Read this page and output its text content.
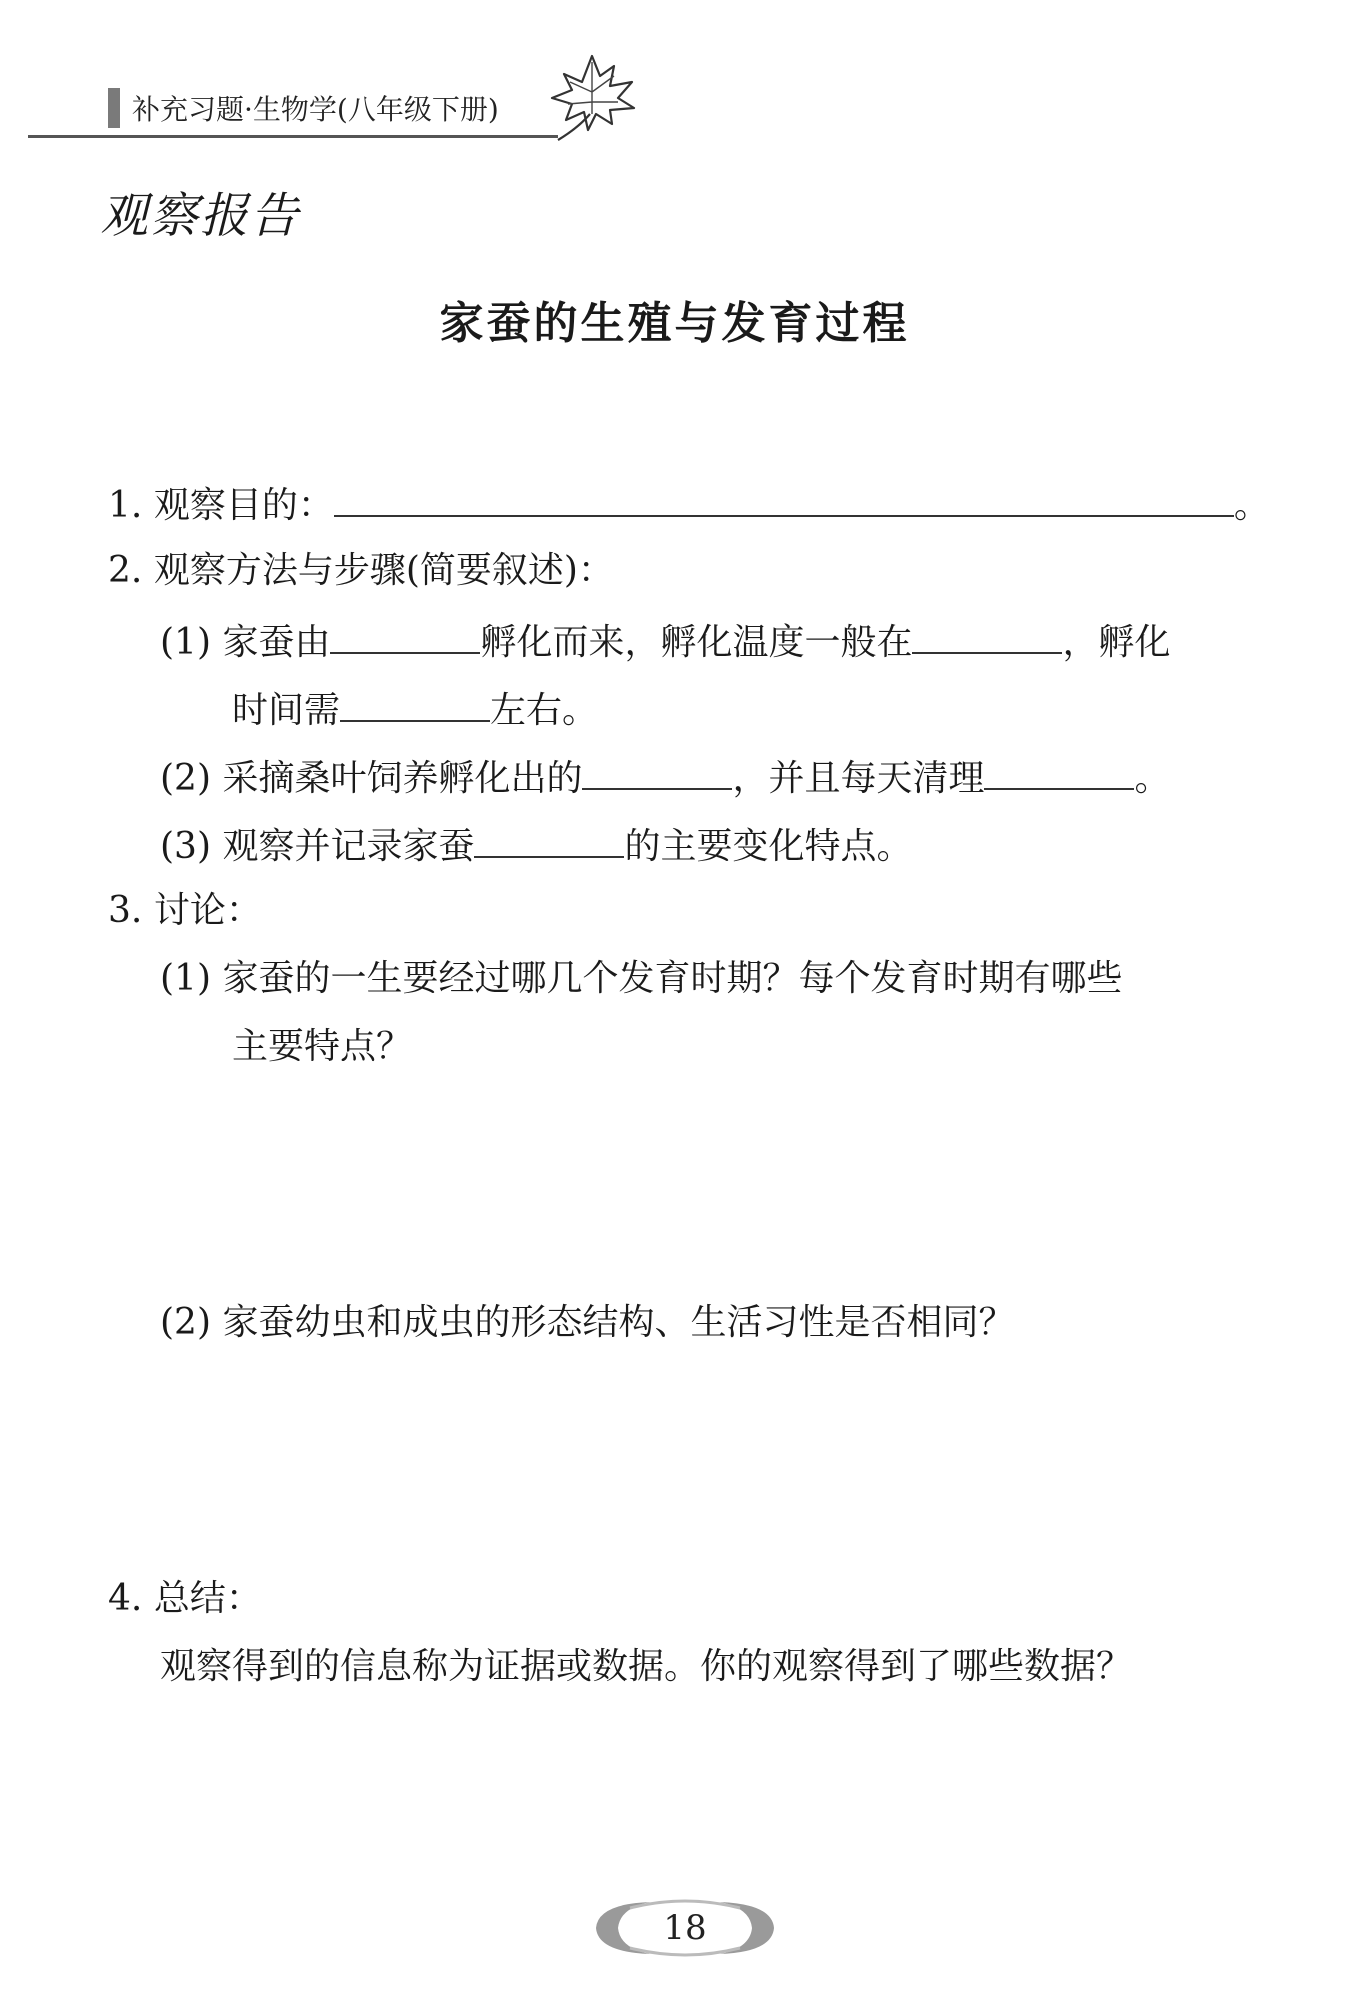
补充习题·生物学(八年级下册)
观察报告
家蚕的生殖与发育过程
1. 观察目的：	。
2. 观察方法与步骤(简要叙述)：
(1) 家蚕由	孵化而来，孵化温度一般在	，孵化
时间需	左右。
(2) 采摘桑叶饲养孵化出的	，并且每天清理	。
(3) 观察并记录家蚕	的主要变化特点。
3. 讨论：
(1) 家蚕的一生要经过哪几个发育时期？每个发育时期有哪些
主要特点？
(2) 家蚕幼虫和成虫的形态结构、生活习性是否相同？
4. 总结：
观察得到的信息称为证据或数据。你的观察得到了哪些数据？
18
